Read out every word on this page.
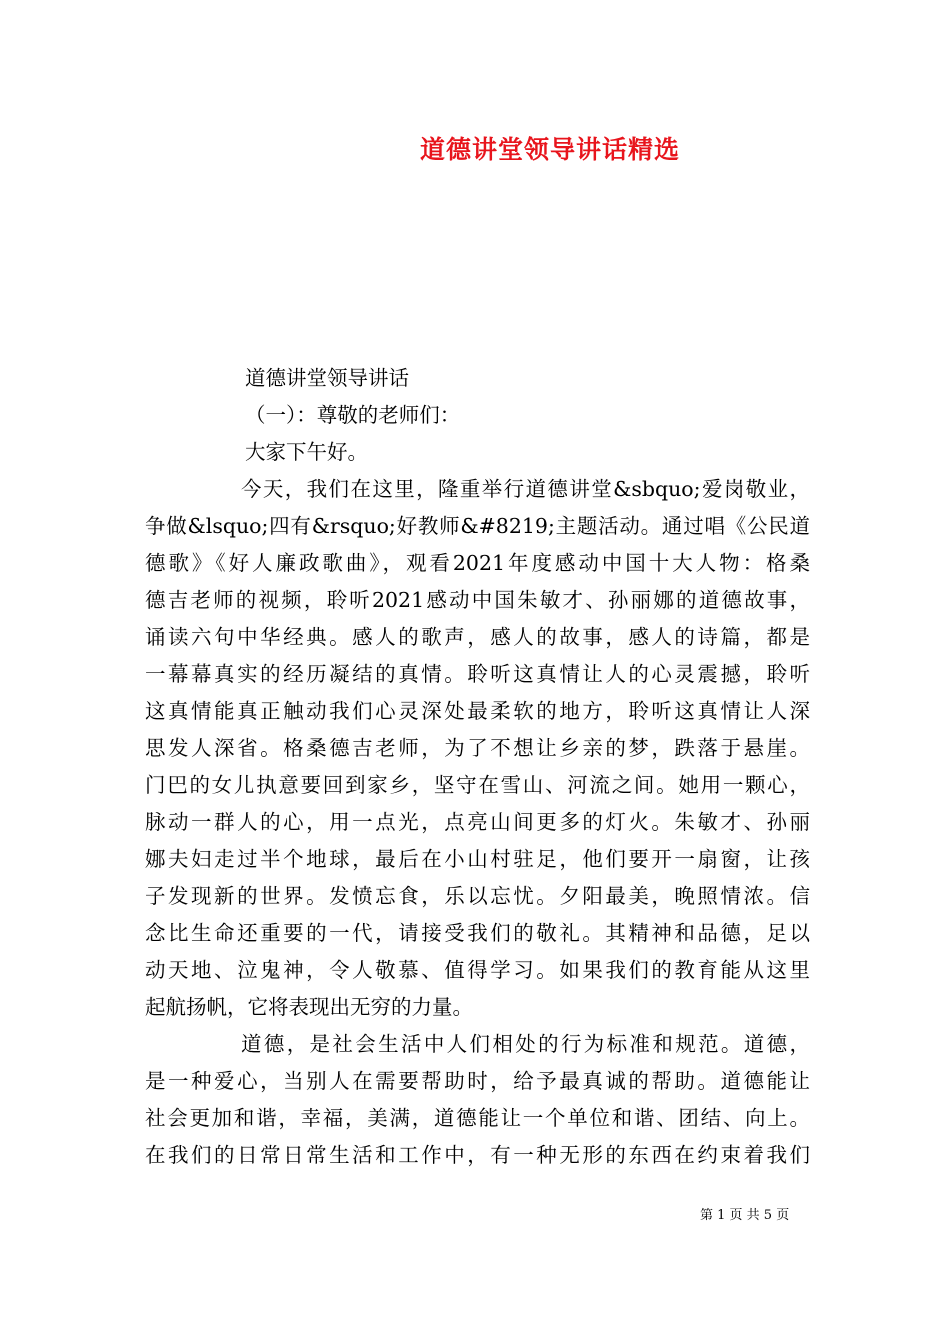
道德讲堂领导讲话精选
道德讲堂领导讲话
（一）：尊敬的老师们：
大家下午好。
今天，我们在这里，隆重举行道德讲堂&sbquo;爱岗敬业，
争做&lsquo;四有&rsquo;好教师&#8219;主题活动。通过唱《公民道
德歌》《好人廉政歌曲》，观看2021年度感动中国十大人物：格桑
德吉老师的视频，聆听2021感动中国朱敏才、孙丽娜的道德故事，
诵读六句中华经典。感人的歌声，感人的故事，感人的诗篇，都是
一幕幕真实的经历凝结的真情。聆听这真情让人的心灵震撼，聆听
这真情能真正触动我们心灵深处最柔软的地方，聆听这真情让人深
思发人深省。格桑德吉老师，为了不想让乡亲的梦，跌落于悬崖。
门巴的女儿执意要回到家乡，坚守在雪山、河流之间。她用一颗心，
脉动一群人的心，用一点光，点亮山间更多的灯火。朱敏才、孙丽
娜夫妇走过半个地球，最后在小山村驻足，他们要开一扇窗，让孩
子发现新的世界。发愤忘食，乐以忘忧。夕阳最美，晚照情浓。信
念比生命还重要的一代，请接受我们的敬礼。其精神和品德，足以
动天地、泣鬼神，令人敬慕、值得学习。如果我们的教育能从这里
起航扬帆，它将表现出无穷的力量。
道德，是社会生活中人们相处的行为标准和规范。道德，
是一种爱心，当别人在需要帮助时，给予最真诚的帮助。道德能让
社会更加和谐，幸福，美满，道德能让一个单位和谐、团结、向上。
在我们的日常日常生活和工作中，有一种无形的东西在约束着我们
第 1 页 共 5 页
